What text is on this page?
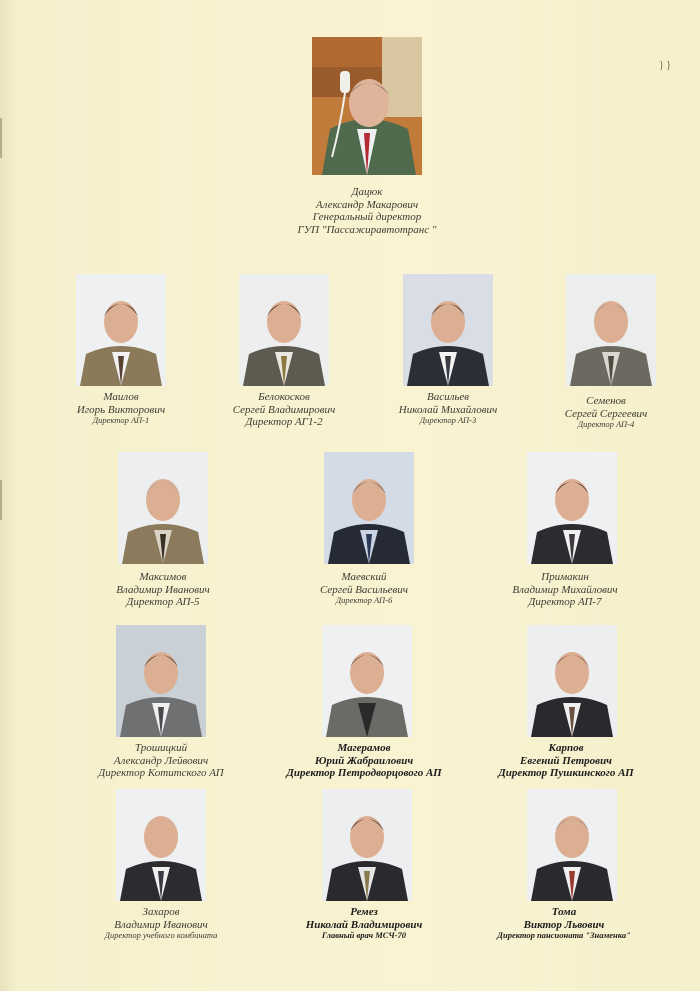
} }
Дацюк
Александр Макарович
Генеральный директор
ГУП "Пассажиравтотранс "
Маилов
Игорь Викторович
Директор АП-1
Белокосков
Сергей Владимирович
Директор АГ1-2
Васильев
Николай Михайлович
Директор АП-3
Семенов
Сергей Сергеевич
Директор АП-4
Максимов
Владимир Иванович
Директор АП-5
Маевский
Сергей Васильевич
Директор АП-6
Примакин
Владимир Михайлович
Директор АП-7
Трошицкий
Александр Лейвович
Директор Котитского АП
Магерамов
Юрий Жабраилович
Директор Петродворцового АП
Карпов
Евгений Петрович
Директор Пушкинского АП
Захаров
Владимир Иванович
Директор учебного комбината
Ремез
Николай Владимирович
Главный врач МСЧ-70
Тома
Виктор Львович
Директор пансионата "Знаменка"
